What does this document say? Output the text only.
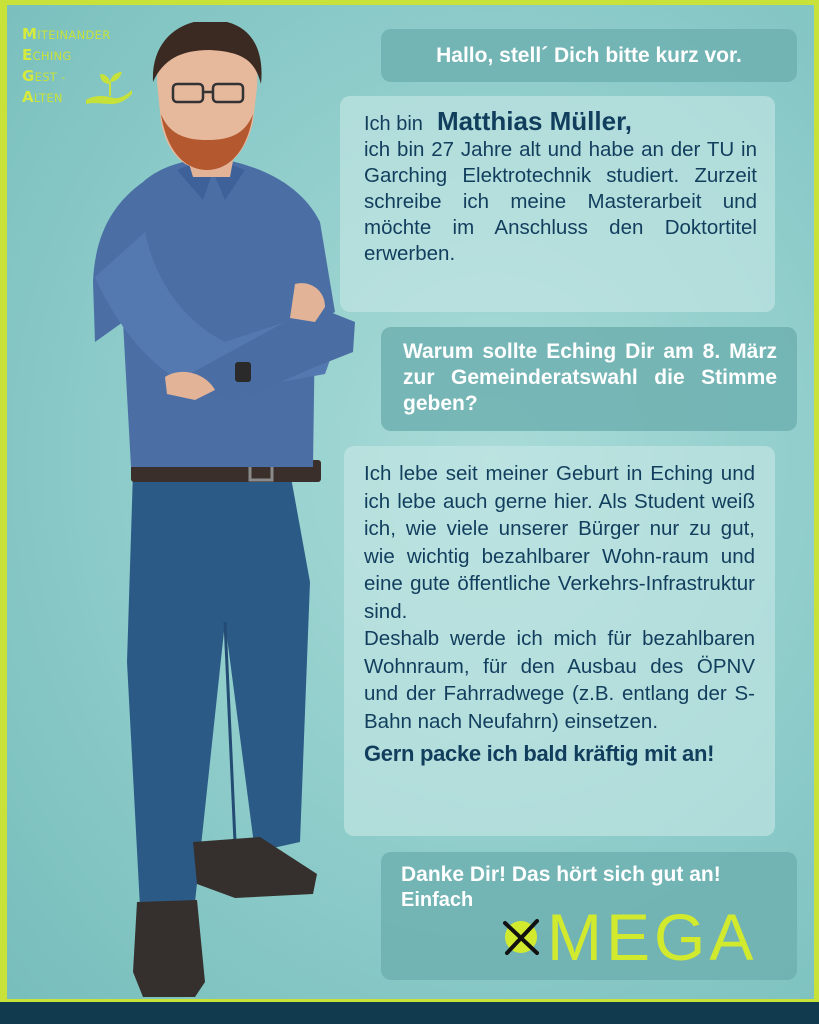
MITEINANDER
ECHING
GEST -
ALTEN
Hallo, stell´ Dich bitte kurz vor.
Ich bin Matthias Müller,
ich bin 27 Jahre alt und habe an der TU in Garching Elektrotechnik studiert. Zurzeit schreibe ich meine Masterarbeit und möchte im Anschluss den Doktortitel erwerben.
Warum sollte Eching Dir am 8. März zur Gemeinderatswahl die Stimme geben?

Ich lebe seit meiner Geburt in Eching und ich lebe auch gerne hier. Als Student weiß ich, wie viele unserer Bürger nur zu gut, wie wichtig bezahlbarer Wohn-raum und eine gute öffentliche Verkehrs-Infrastruktur sind.

Deshalb werde ich mich für bezahlbaren Wohnraum, für den Ausbau des ÖPNV und der Fahrradwege (z.B. entlang der S-Bahn nach Neufahrn) einsetzen.

Gern packe ich bald kräftig mit an!
Danke Dir! Das hört sich gut an!
Einfach	MEGA
